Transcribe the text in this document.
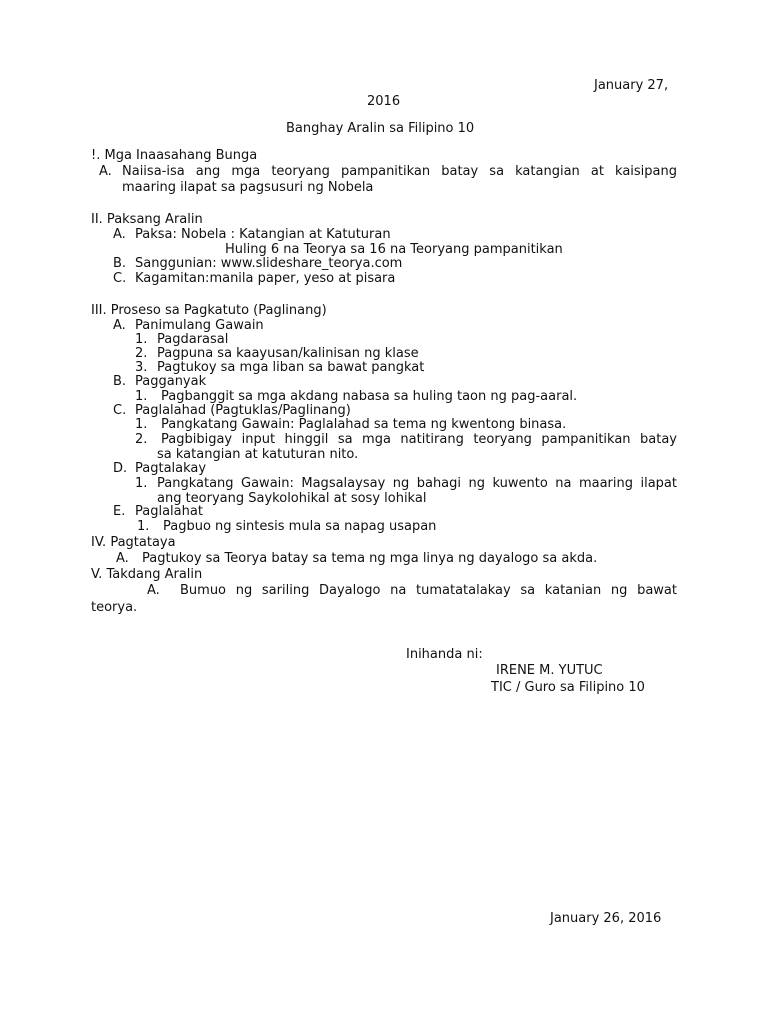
January 27,
2016
Banghay Aralin sa Filipino 10
!. Mga Inaasahang Bunga
A. Naiisa-isa ang mga teoryang pampanitikan batay sa katangian at kaisipang
maaring ilapat sa pagsusuri ng Nobela
II. Paksang Aralin
A. Paksa: Nobela : Katangian at Katuturan
Huling 6 na Teorya sa 16 na Teoryang pampanitikan
B. Sanggunian: www.slideshare_teorya.com
C. Kagamitan:manila paper, yeso at pisara
III. Proseso sa Pagkatuto (Paglinang)
A. Panimulang Gawain
1. Pagdarasal
2. Pagpuna sa kaayusan/kalinisan ng klase
3. Pagtukoy sa mga liban sa bawat pangkat
B. Pagganyak
1. Pagbanggit sa mga akdang nabasa sa huling taon ng pag-aaral.
C. Paglalahad (Pagtuklas/Paglinang)
1. Pangkatang Gawain: Paglalahad sa tema ng kwentong binasa.
2. Pagbibigay input hinggil sa mga natitirang teoryang pampanitikan batay
sa katangian at katuturan nito.
D. Pagtalakay
1. Pangkatang Gawain: Magsalaysay ng bahagi ng kuwento na maaring ilapat
ang teoryang Saykolohikal at sosy lohikal
E. Paglalahat
1. Pagbuo ng sintesis mula sa napag usapan
IV. Pagtataya
A. Pagtukoy sa Teorya batay sa tema ng mga linya ng dayalogo sa akda.
V. Takdang Aralin
A. Bumuo ng sariling Dayalogo na tumatatalakay sa katanian ng bawat
teorya.
Inihanda ni:
IRENE M. YUTUC
TIC / Guro sa Filipino 10
January 26, 2016
